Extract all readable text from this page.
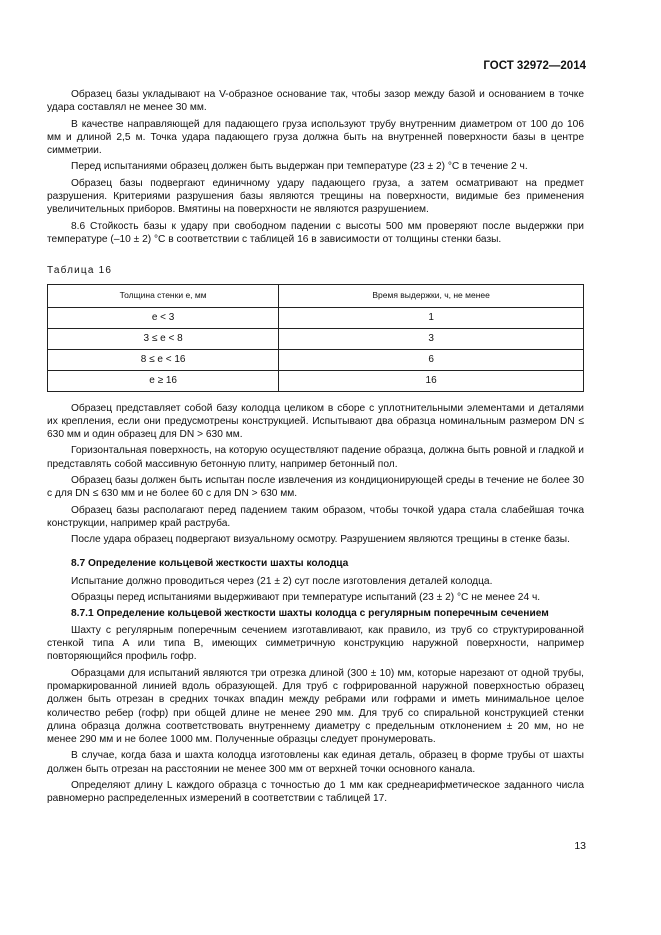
ГОСТ 32972—2014

Образец базы укладывают на V-образное основание так, чтобы зазор между базой и основанием в точке удара составлял не менее 30 мм.

В качестве направляющей для падающего груза используют трубу внутренним диаметром от 100 до 106 мм и длиной 2,5 м. Точка удара падающего груза должна быть на внутренней поверхности базы в центре симметрии.

Перед испытаниями образец должен быть выдержан при температуре (23 ± 2) °С в течение 2 ч.

Образец базы подвергают единичному удару падающего груза, а затем осматривают на предмет разрушения. Критериями разрушения базы являются трещины на поверхности, видимые без применения увеличительных приборов. Вмятины на поверхности не являются разрушением.

8.6 Стойкость базы к удару при свободном падении с высоты 500 мм проверяют после выдержки при температуре (–10 ± 2) °С в соответствии с таблицей 16 в зависимости от толщины стенки базы.

Таблица 16
Толщина стенки e, мм	Время выдержки, ч, не менее
e < 3	1
3 ≤ e < 8	3
8 ≤ e < 16	6
e ≥ 16	16

Образец представляет собой базу колодца целиком в сборе с уплотнительными элементами и деталями их крепления, если они предусмотрены конструкцией. Испытывают два образца номинальным размером DN ≤ 630 мм и один образец для DN > 630 мм.

Горизонтальная поверхность, на которую осуществляют падение образца, должна быть ровной и гладкой и представлять собой массивную бетонную плиту, например бетонный пол.

Образец базы должен быть испытан после извлечения из кондиционирующей среды в течение не более 30 с для DN ≤ 630 мм и не более 60 с для DN > 630 мм.

Образец базы располагают перед падением таким образом, чтобы точкой удара стала слабейшая точка конструкции, например край раструба.

После удара образец подвергают визуальному осмотру. Разрушением являются трещины в стенке базы.

8.7 Определение кольцевой жесткости шахты колодца

Испытание должно проводиться через (21 ± 2) сут после изготовления деталей колодца.

Образцы перед испытаниями выдерживают при температуре испытаний (23 ± 2) °С не менее 24 ч.

8.7.1 Определение кольцевой жесткости шахты колодца с регулярным поперечным сечением

Шахту с регулярным поперечным сечением изготавливают, как правило, из труб со структурированной стенкой типа А или типа В, имеющих симметричную конструкцию наружной поверхности, например повторяющийся профиль гофр.

Образцами для испытаний являются три отрезка длиной (300 ± 10) мм, которые нарезают от одной трубы, промаркированной линией вдоль образующей. Для труб с гофрированной наружной поверхностью образец должен быть отрезан в средних точках впадин между ребрами или гофрами и иметь минимальное целое количество ребер (гофр) при общей длине не менее 290 мм. Для труб со спиральной конструкцией стенки длина образца должна соответствовать внутреннему диаметру с предельным отклонением ± 20 мм, но не менее 290 мм и не более 1000 мм. Полученные образцы следует пронумеровать.

В случае, когда база и шахта колодца изготовлены как единая деталь, образец в форме трубы от шахты должен быть отрезан на расстоянии не менее 300 мм от верхней точки основного канала.

Определяют длину L каждого образца с точностью до 1 мм как среднеарифметическое заданного числа равномерно распределенных измерений в соответствии с таблицей 17.

13
